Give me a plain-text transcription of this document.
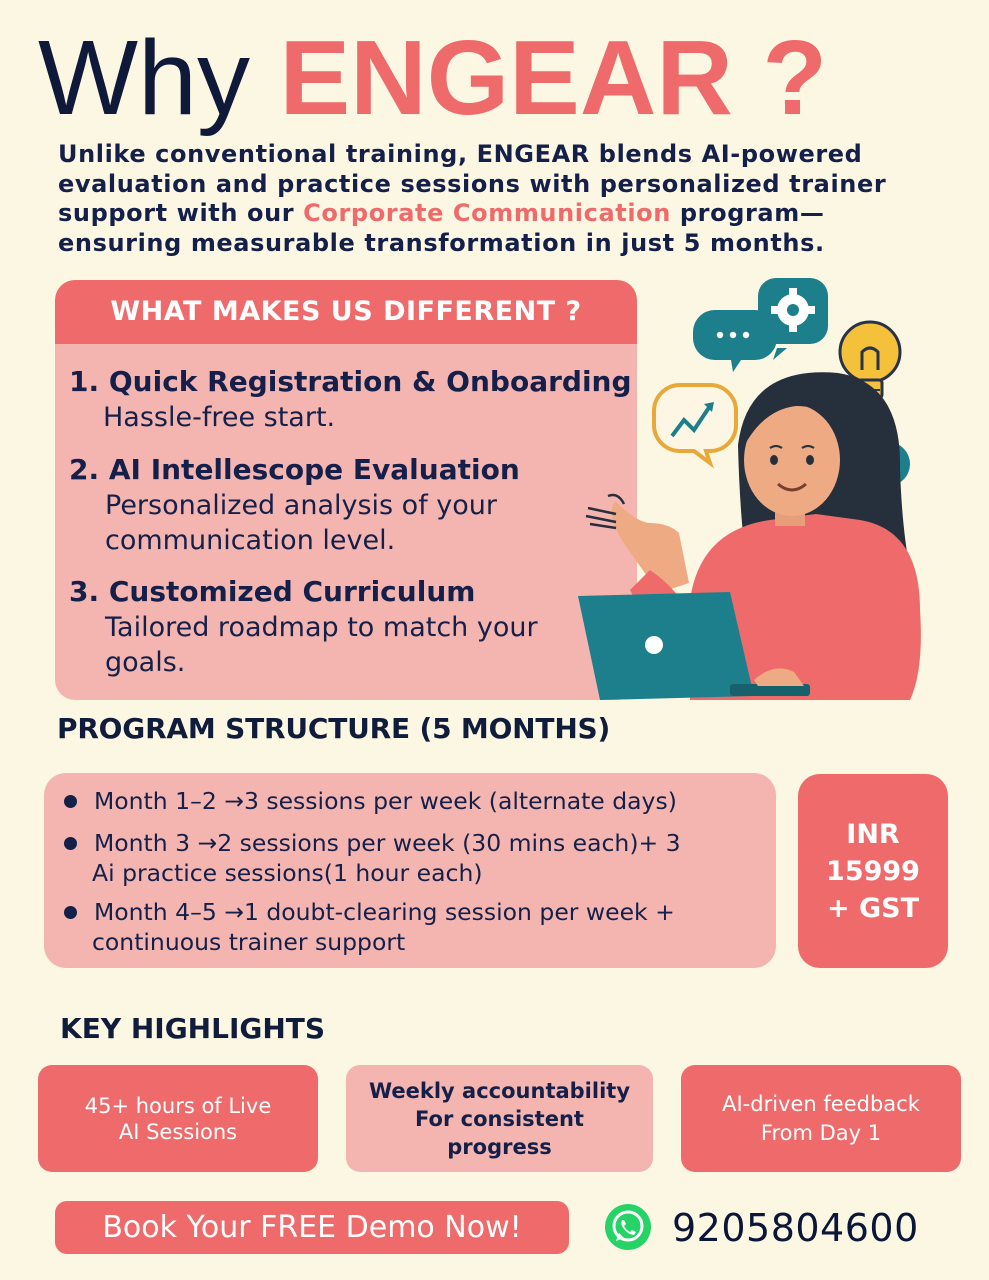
Why ENGEAR ?
Unlike conventional training, ENGEAR blends AI-powered evaluation and practice sessions with personalized trainer support with our Corporate Communication program—ensuring measurable transformation in just 5 months.
WHAT MAKES US DIFFERENT ?
1. Quick Registration & Onboarding
Hassle-free start.
2. AI Intellescope Evaluation
Personalized analysis of your communication level.
3. Customized Curriculum
Tailored roadmap to match your goals.
PROGRAM STRUCTURE (5 MONTHS)
Month 1–2 →3 sessions per week (alternate days)
Month 3 →2 sessions per week (30 mins each)+ 3
Ai practice sessions(1 hour each)
Month 4–5 →1 doubt-clearing session per week +
continuous trainer support
INR
15999
+ GST
KEY HIGHLIGHTS
45+ hours of Live
AI Sessions
Weekly accountability
For consistent
progress
AI-driven feedback
From Day 1
Book Your FREE Demo Now!	9205804600
